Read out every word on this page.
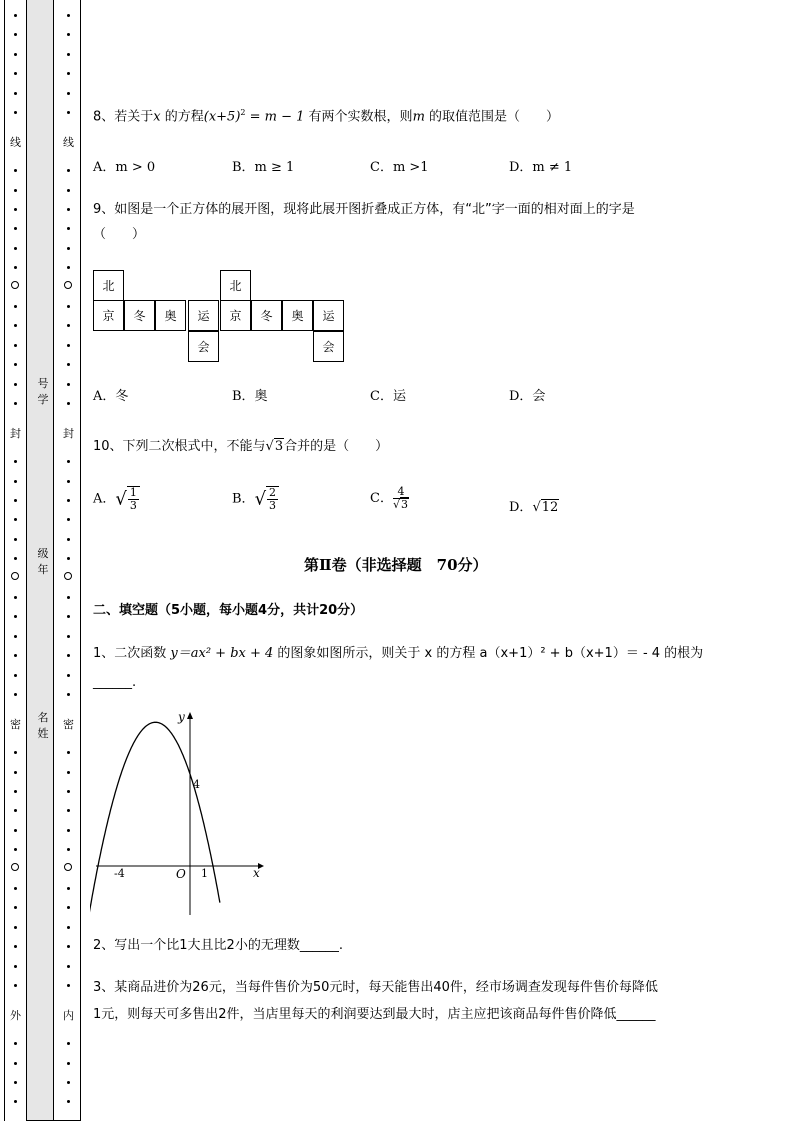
线
封
密
外
线
封
密
内
号学
级年
名姓
8、若关于x 的方程$(x+5)^2 = m - 1$ 有两个实数根，则m 的取值范围是（　　）
A．m > 0	B．m ≥ 1	C．m >1	D．m ≠ 1
9、如图是一个正方体的展开图，现将此展开图折叠成正方体，有“北”字一面的相对面上的字是
（　　）
北
京	冬	奥	运
会
北
京	冬	奥	运
会
A．冬	B．奥	C．运	D．会
10、下列二次根式中，不能与√3合并的是（　　）
A．√ $\frac{1}{3}$	B．√ $\frac{2}{3}$	C． $\frac{4}{√3}$	D．√12
第Ⅱ卷（非选择题　70分）
二、填空题（5小题，每小题4分，共计20分）
1、二次函数 y＝ax² + bx + 4 的图象如图所示，则关于 x 的方程 a（x+1）² + b（x+1）＝ - 4 的根为
______.
y
x
O
4
-4	1
2、写出一个比1大且比2小的无理数______.
3、某商品进价为26元，当每件售价为50元时，每天能售出40件，经市场调查发现每件售价每降低
1元，则每天可多售出2件，当店里每天的利润要达到最大时，店主应把该商品每件售价降低______
